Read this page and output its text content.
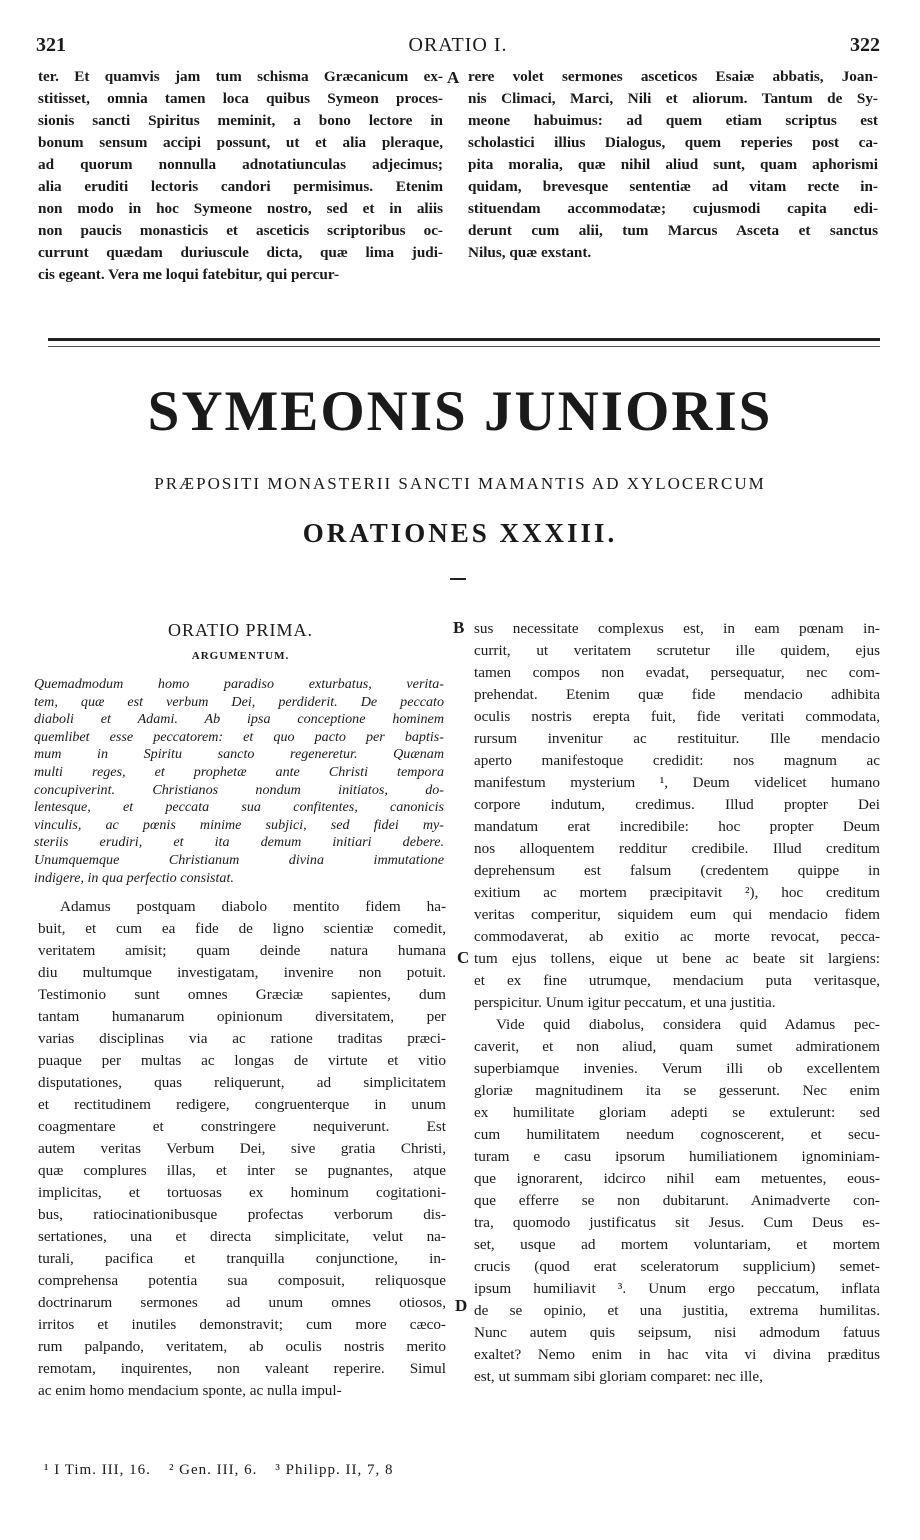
321	ORATIO I.	322
ter. Et quamvis jam tum schisma Græcanicum ex-
stitisset, omnia tamen loca quibus Symeon proces-
sionis sancti Spiritus meminit, a bono lectore in
bonum sensum accipi possunt, ut et alia pleraque,
ad quorum nonnulla adnotatiunculas adjecimus;
alia eruditi lectoris candori permisimus. Etenim
non modo in hoc Symeone nostro, sed et in aliis
non paucis monasticis et asceticis scriptoribus oc-
currunt quædam duriuscule dicta, quæ lima judi-
cis egeant. Vera me loqui fatebitur, qui percur-
A rere volet sermones asceticos Esaiæ abbatis, Joan-
nis Climaci, Marci, Nili et aliorum. Tantum de Sy-
meone habuimus: ad quem etiam scriptus est
scholastici illius Dialogus, quem reperies post ca-
pita moralia, quæ nihil aliud sunt, quam aphorismi
quidam, brevesque sententiæ ad vitam recte in-
stituendam accommodatæ; cujusmodi capita edi-
derunt cum alii, tum Marcus Asceta et sanctus
Nilus, quæ exstant.
SYMEONIS JUNIORIS
PRÆPOSITI MONASTERII SANCTI MAMANTIS AD XYLOCERCUM
ORATIONES XXXIII.
ORATIO PRIMA.
ARGUMENTUM.
Quemadmodum homo paradiso exturbatus, verita-
tem, quæ est verbum Dei, perdiderit. De peccato
diaboli et Adami. Ab ipsa conceptione hominem
quemlibet esse peccatorem: et quo pacto per baptis-
mum in Spiritu sancto regeneretur. Quænam
multi reges, et prophetæ ante Christi tempora
concupiverint. Christianos nondum initiatos, do-
lentesque, et peccata sua confitentes, canonicis
vinculis, ac pœnis minime subjici, sed fidei my-
steriis erudiri, et ita demum initiari debere.
Unumquemque Christianum divina immutatione
indigere, in qua perfectio consistat.
Adamus postquam diabolo mentito fidem ha-
buit, et cum ea fide de ligno scientiæ comedit,
veritatem amisit; quam deinde natura humana
diu multumque investigatam, invenire non potuit.
Testimonio sunt omnes Græciæ sapientes, dum
tantam humanarum opinionum diversitatem, per
varias disciplinas via ac ratione traditas præci-
puaque per multas ac longas de virtute et vitio
disputationes, quas reliquerunt, ad simplicitatem
et rectitudinem redigere, congruenterque in unum
coagmentare et constringere nequiverunt. Est
autem veritas Verbum Dei, sive gratia Christi,
quæ complures illas, et inter se pugnantes, atque
implicitas, et tortuosas ex hominum cogitationi-
bus, ratiocinationibusque profectas verborum dis-
sertationes, una et directa simplicitate, velut na-
turali, pacifica et tranquilla conjunctione, in-
comprehensa potentia sua composuit, reliquosque
doctrinarum sermones ad unum omnes otiosos,
irritos et inutiles demonstravit; cum more cæco-
rum palpando, veritatem, ab oculis nostris merito
remotam, inquirentes, non valeant reperire. Simul
ac enim homo mendacium sponte, ac nulla impul-
B
C
D
sus necessitate complexus est, in eam pœnam in-
currit, ut veritatem scrutetur ille quidem, ejus
tamen compos non evadat, persequatur, nec com-
prehendat. Etenim quæ fide mendacio adhibita
oculis nostris erepta fuit, fide veritati commodata,
rursum invenitur ac restituitur. Ille mendacio
aperto manifestoque credidit: nos magnum ac
manifestum mysterium ¹, Deum videlicet humano
corpore indutum, credimus. Illud propter Dei
mandatum erat incredibile: hoc propter Deum
nos alloquentem redditur credibile. Illud creditum
deprehensum est falsum (credentem quippe in
exitium ac mortem præcipitavit ²), hoc creditum
veritas comperitur, siquidem eum qui mendacio fidem
commodaverat, ab exitio ac morte revocat, pecca-
tum ejus tollens, eique ut bene ac beate sit largiens:
et ex fine utrumque, mendacium puta veritasque,
perspicitur. Unum igitur peccatum, et una justitia.
Vide quid diabolus, considera quid Adamus pec-
caverit, et non aliud, quam sumet admirationem
superbiamque invenies. Verum illi ob excellentem
gloriæ magnitudinem ita se gesserunt. Nec enim
ex humilitate gloriam adepti se extulerunt: sed
cum humilitatem needum cognoscerent, et secu-
turam e casu ipsorum humiliationem ignominiam-
que ignorarent, idcirco nihil eam metuentes, eous-
que efferre se non dubitarunt. Animadverte con-
tra, quomodo justificatus sit Jesus. Cum Deus es-
set, usque ad mortem voluntariam, et mortem
crucis (quod erat sceleratorum supplicium) semet-
ipsum humiliavit ³. Unum ergo peccatum, inflata
de se opinio, et una justitia, extrema humilitas.
Nunc autem quis seipsum, nisi admodum fatuus
exaltet? Nemo enim in hac vita vi divina præditus
est, ut summam sibi gloriam comparet: nec ille,
¹ I Tim. III, 16. ² Gen. III, 6. ³ Philipp. II, 7, 8
